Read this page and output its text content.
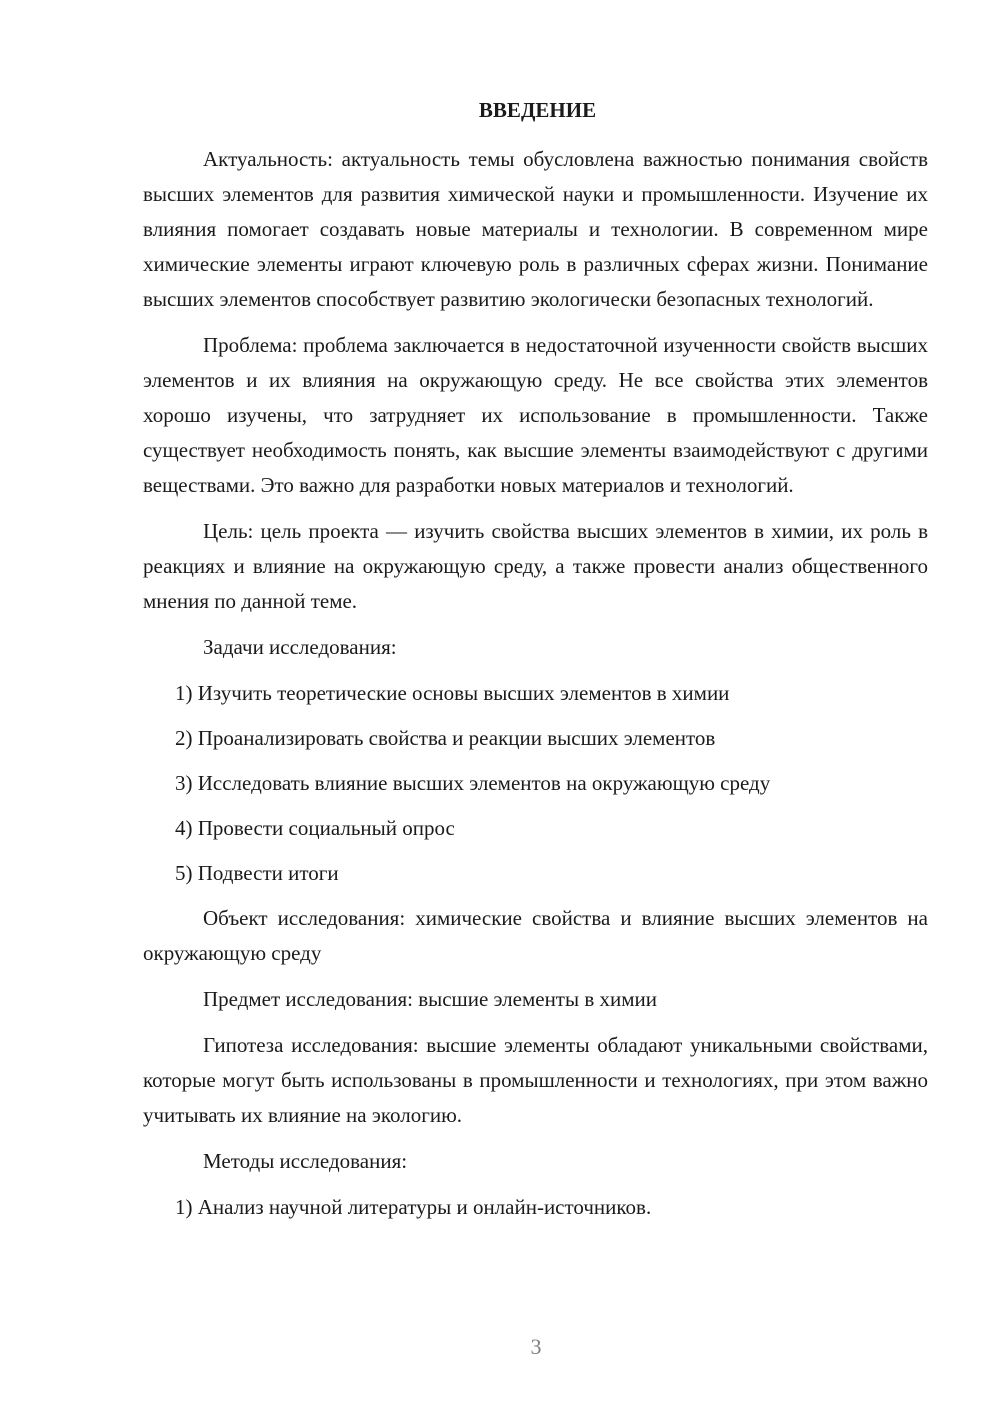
ВВЕДЕНИЕ
Актуальность: актуальность темы обусловлена важностью понимания свойств высших элементов для развития химической науки и промышленности. Изучение их влияния помогает создавать новые материалы и технологии. В современном мире химические элементы играют ключевую роль в различных сферах жизни. Понимание высших элементов способствует развитию экологически безопасных технологий.
Проблема: проблема заключается в недостаточной изученности свойств высших элементов и их влияния на окружающую среду. Не все свойства этих элементов хорошо изучены, что затрудняет их использование в промышленности. Также существует необходимость понять, как высшие элементы взаимодействуют с другими веществами. Это важно для разработки новых материалов и технологий.
Цель: цель проекта — изучить свойства высших элементов в химии, их роль в реакциях и влияние на окружающую среду, а также провести анализ общественного мнения по данной теме.
Задачи исследования:
1) Изучить теоретические основы высших элементов в химии
2) Проанализировать свойства и реакции высших элементов
3) Исследовать влияние высших элементов на окружающую среду
4) Провести социальный опрос
5) Подвести итоги
Объект исследования: химические свойства и влияние высших элементов на окружающую среду
Предмет исследования: высшие элементы в химии
Гипотеза исследования: высшие элементы обладают уникальными свойствами, которые могут быть использованы в промышленности и технологиях, при этом важно учитывать их влияние на экологию.
Методы исследования:
1) Анализ научной литературы и онлайн-источников.
3
